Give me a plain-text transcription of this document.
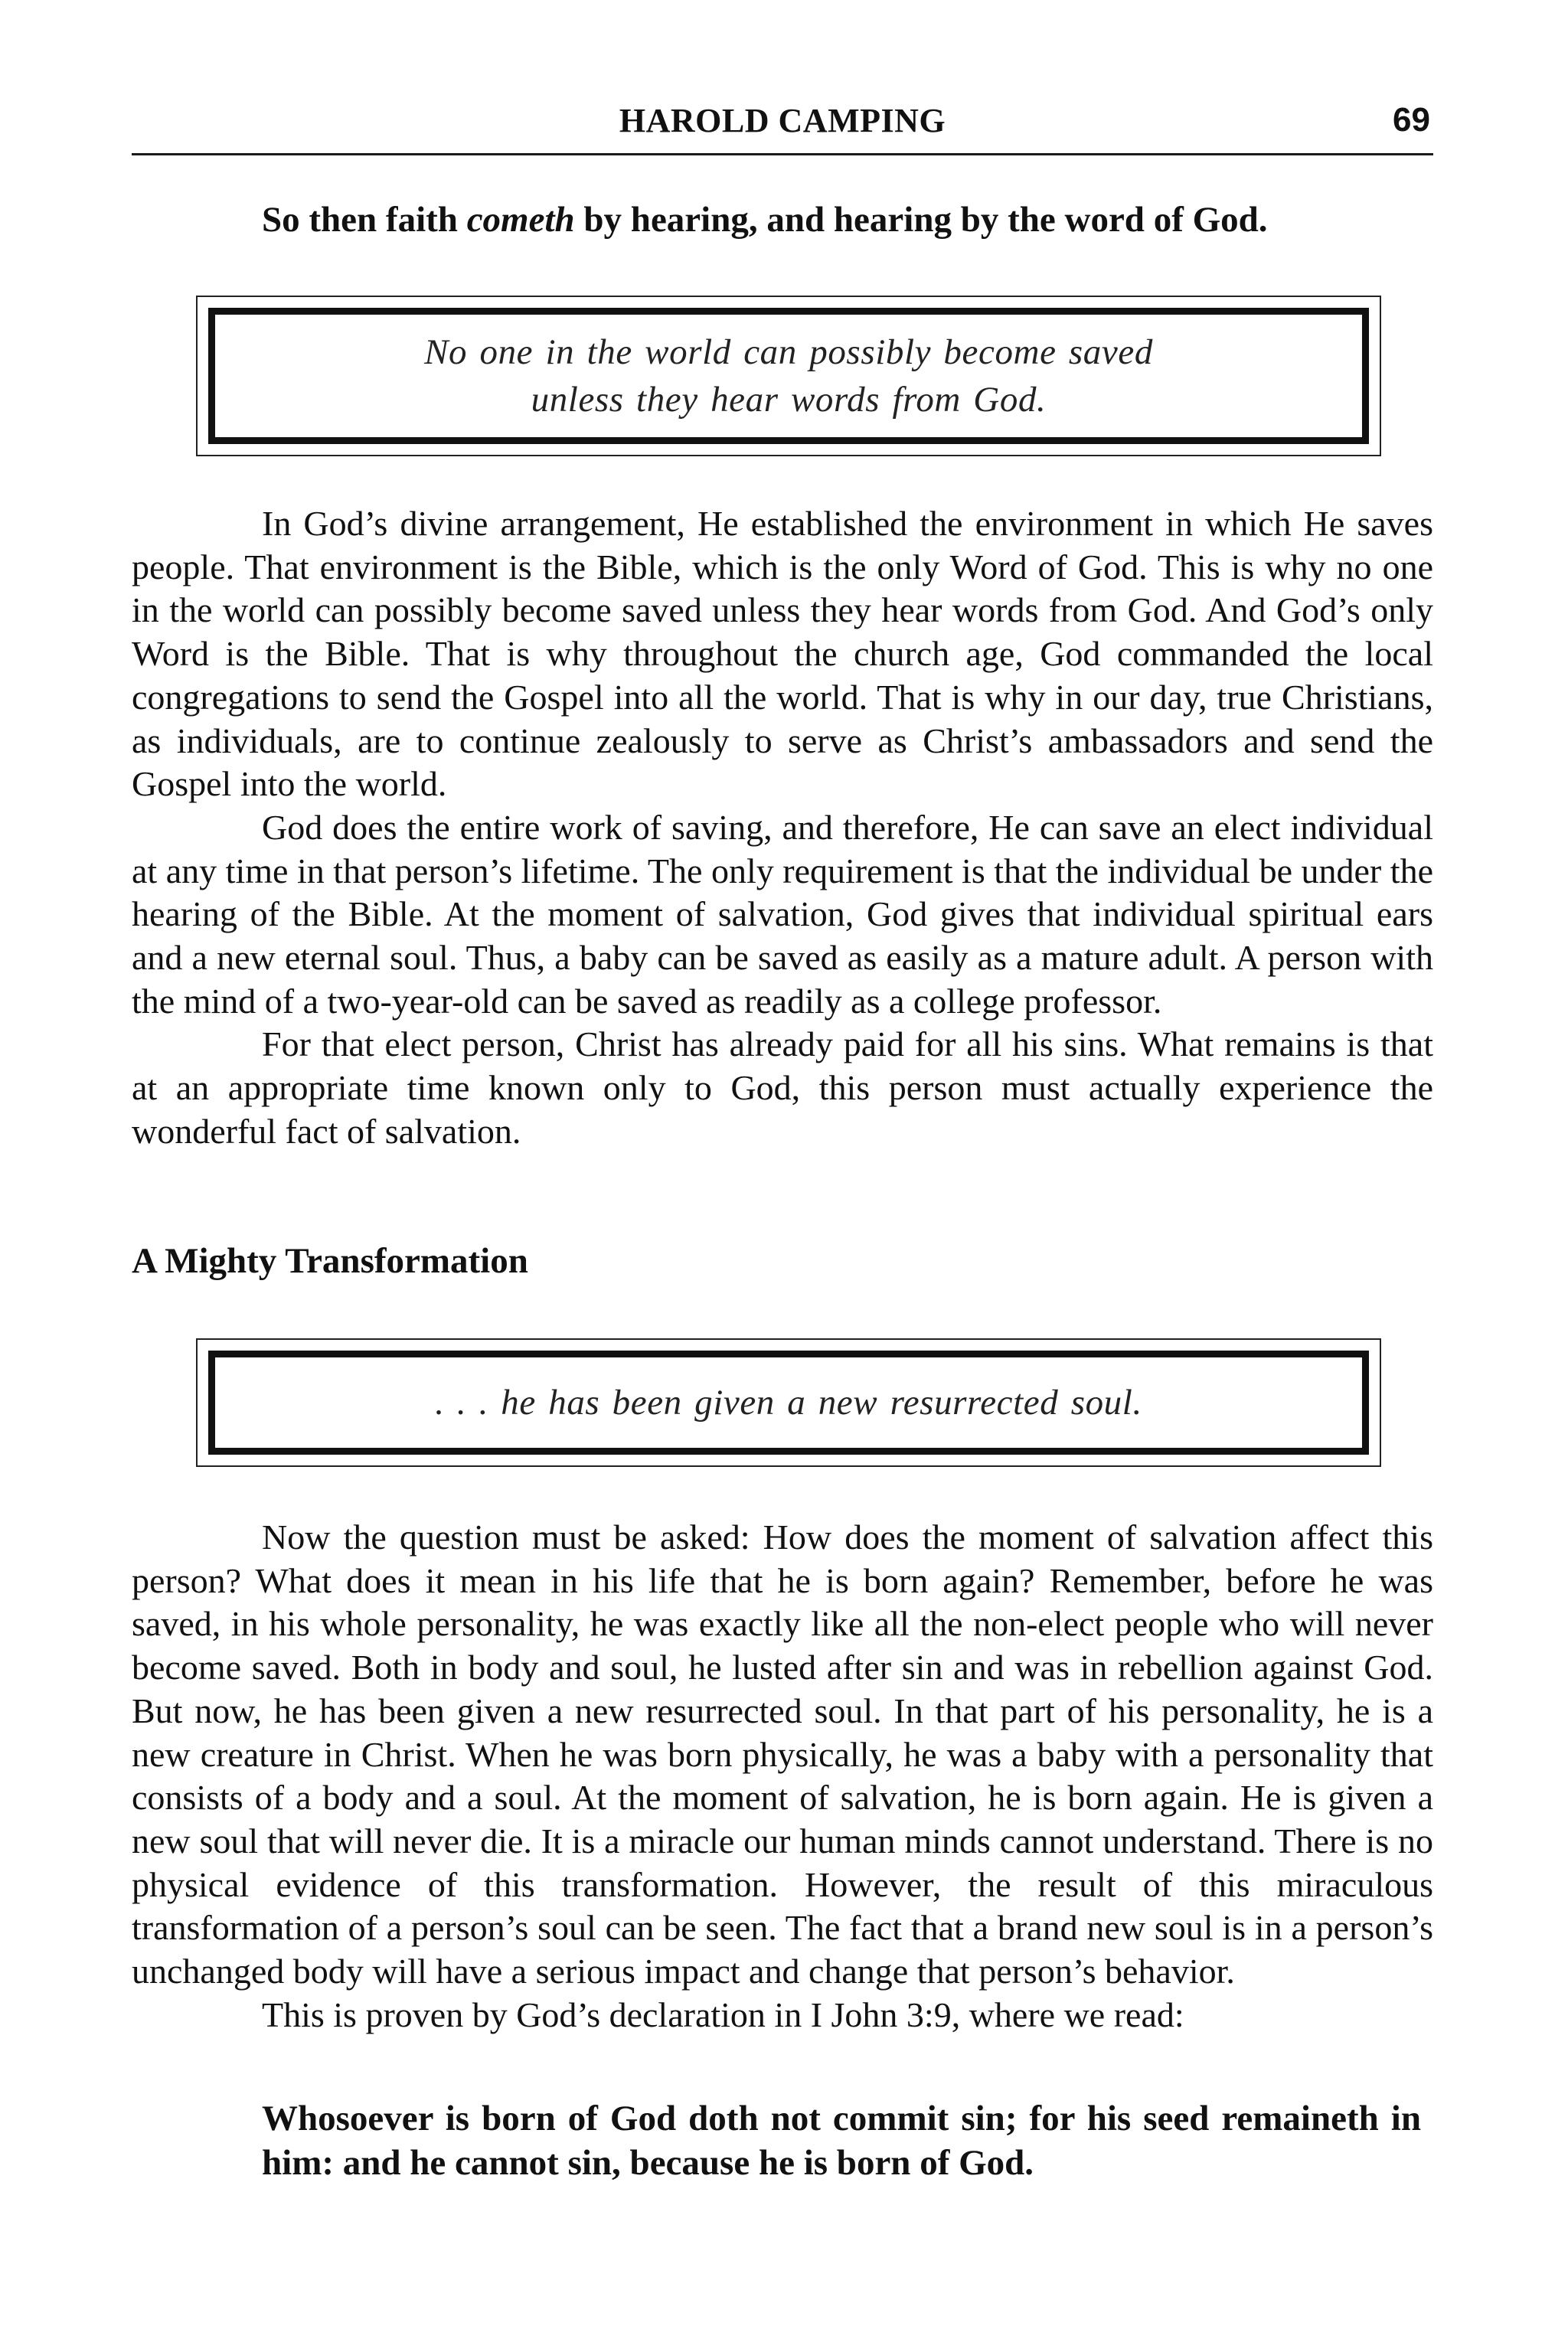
HAROLD CAMPING	69
So then faith cometh by hearing, and hearing by the word of God.
No one in the world can possibly become saved
unless they hear words from God.

In God’s divine arrangement, He established the environment in which He saves people. That environment is the Bible, which is the only Word of God. This is why no one in the world can possibly become saved unless they hear words from God. And God’s only Word is the Bible. That is why throughout the church age, God commanded the local congregations to send the Gospel into all the world. That is why in our day, true Christians, as individuals, are to continue zealously to serve as Christ’s ambassadors and send the Gospel into the world.

God does the entire work of saving, and therefore, He can save an elect individual at any time in that person’s lifetime. The only requirement is that the individual be under the hearing of the Bible. At the moment of salvation, God gives that individual spiritual ears and a new eternal soul. Thus, a baby can be saved as easily as a mature adult. A person with the mind of a two-year-old can be saved as readily as a college professor.

For that elect person, Christ has already paid for all his sins. What remains is that at an appropriate time known only to God, this person must actually experience the wonderful fact of salvation.

A Mighty Transformation
. . . he has been given a new resurrected soul.

Now the question must be asked: How does the moment of salvation affect this person? What does it mean in his life that he is born again? Remember, before he was saved, in his whole personality, he was exactly like all the non-elect people who will never become saved. Both in body and soul, he lusted after sin and was in rebellion against God. But now, he has been given a new resurrected soul. In that part of his personality, he is a new creature in Christ. When he was born physically, he was a baby with a personality that consists of a body and a soul. At the moment of salvation, he is born again. He is given a new soul that will never die. It is a miracle our human minds cannot understand. There is no physical evidence of this transformation. However, the result of this miraculous transformation of a person’s soul can be seen. The fact that a brand new soul is in a person’s unchanged body will have a serious impact and change that person’s behavior.

This is proven by God’s declaration in I John 3:9, where we read:

Whosoever is born of God doth not commit sin; for his seed remaineth in him: and he cannot sin, because he is born of God.
